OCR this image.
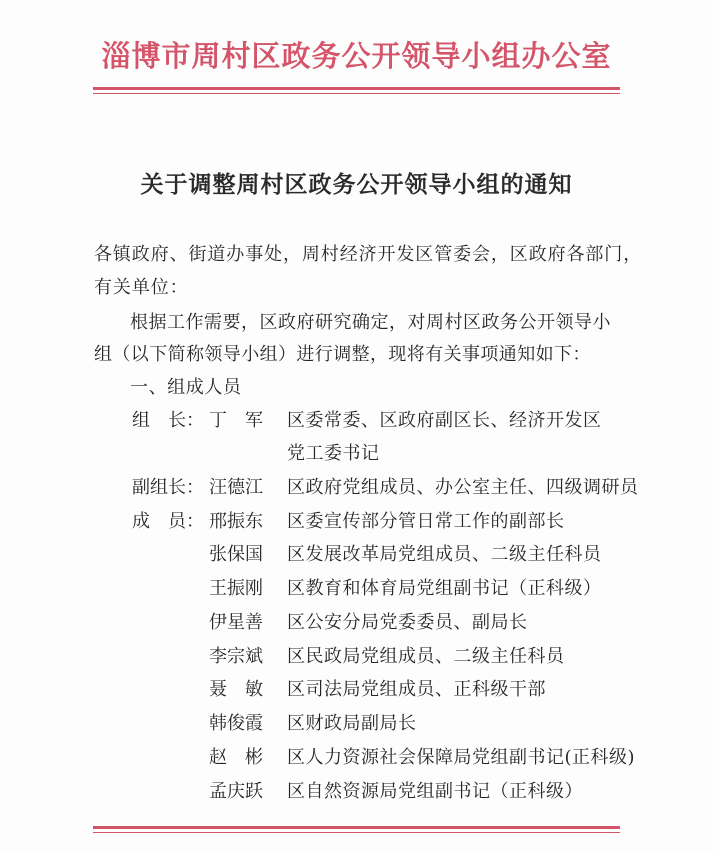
淄博市周村区政务公开领导小组办公室
关于调整周村区政务公开领导小组的通知
各镇政府、街道办事处，周村经济开发区管委会，区政府各部门，
有关单位：
根据工作需要，区政府研究确定，对周村区政务公开领导小
组（以下简称领导小组）进行调整，现将有关事项通知如下：
一、组成人员
组　长： 丁　军	区委常委、区政府副区长、经济开发区
党工委书记
副组长： 汪德江	区政府党组成员、办公室主任、四级调研员
成　员： 邢振东	区委宣传部分管日常工作的副部长
张保国	区发展改革局党组成员、二级主任科员
王振刚	区教育和体育局党组副书记（正科级）
伊星善	区公安分局党委委员、副局长
李宗斌	区民政局党组成员、二级主任科员
聂　敏	区司法局党组成员、正科级干部
韩俊霞	区财政局副局长
赵　彬	区人力资源社会保障局党组副书记(正科级)
孟庆跃	区自然资源局党组副书记（正科级）
